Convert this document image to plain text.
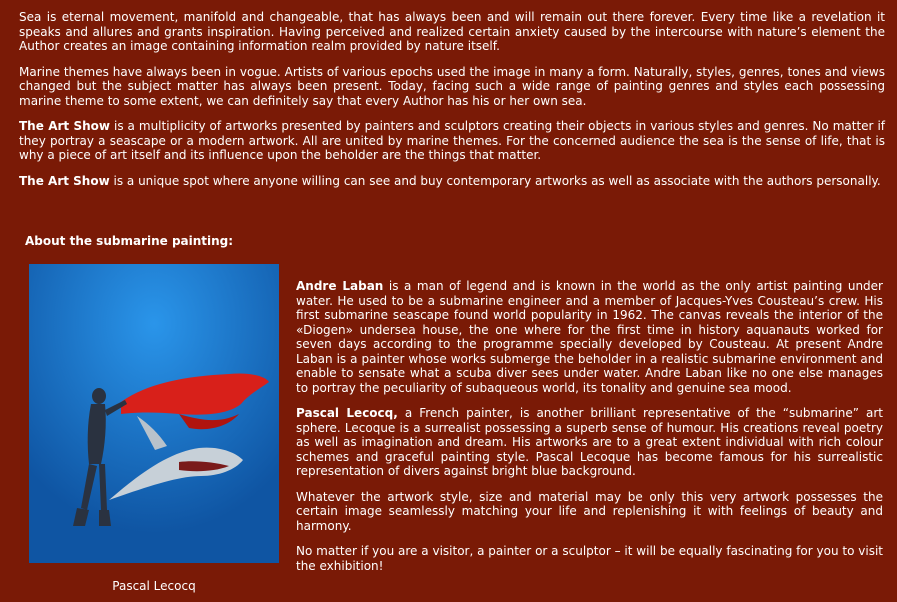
Sea is eternal movement, manifold and changeable, that has always been and will remain out there forever. Every time like a revelation it speaks and allures and grants inspiration. Having perceived and realized certain anxiety caused by the intercourse with nature’s element the Author creates an image containing information realm provided by nature itself.

Marine themes have always been in vogue. Artists of various epochs used the image in many a form. Naturally, styles, genres, tones and views changed but the subject matter has always been present. Today, facing such a wide range of painting genres and styles each possessing marine theme to some extent, we can definitely say that every Author has his or her own sea.

The Art Show is a multiplicity of artworks presented by painters and sculptors creating their objects in various styles and genres. No matter if they portray a seascape or a modern artwork. All are united by marine themes. For the concerned audience the sea is the sense of life, that is why a piece of art itself and its influence upon the beholder are the things that matter.

The Art Show is a unique spot where anyone willing can see and buy contemporary artworks as well as associate with the authors personally.

About the submarine painting:
Pascal Lecocq

Andre Laban is a man of legend and is known in the world as the only artist painting under water. He used to be a submarine engineer and a member of Jacques-Yves Cousteau’s crew. His first submarine seascape found world popularity in 1962. The canvas reveals the interior of the «Diogen» undersea house, the one where for the first time in history aquanauts worked for seven days according to the programme specially developed by Cousteau. At present Andre Laban is a painter whose works submerge the beholder in a realistic submarine environment and enable to sensate what a scuba diver sees under water. Andre Laban like no one else manages to portray the peculiarity of subaqueous world, its tonality and genuine sea mood.

Pascal Lecocq, a French painter, is another brilliant representative of the “submarine” art sphere. Lecoque is a surrealist possessing a superb sense of humour. His creations reveal poetry as well as imagination and dream. His artworks are to a great extent individual with rich colour schemes and graceful painting style. Pascal Lecoque has become famous for his surrealistic representation of divers against bright blue background.

Whatever the artwork style, size and material may be only this very artwork possesses the certain image seamlessly matching your life and replenishing it with feelings of beauty and harmony.

No matter if you are a visitor, a painter or a sculptor – it will be equally fascinating for you to visit the exhibition!
